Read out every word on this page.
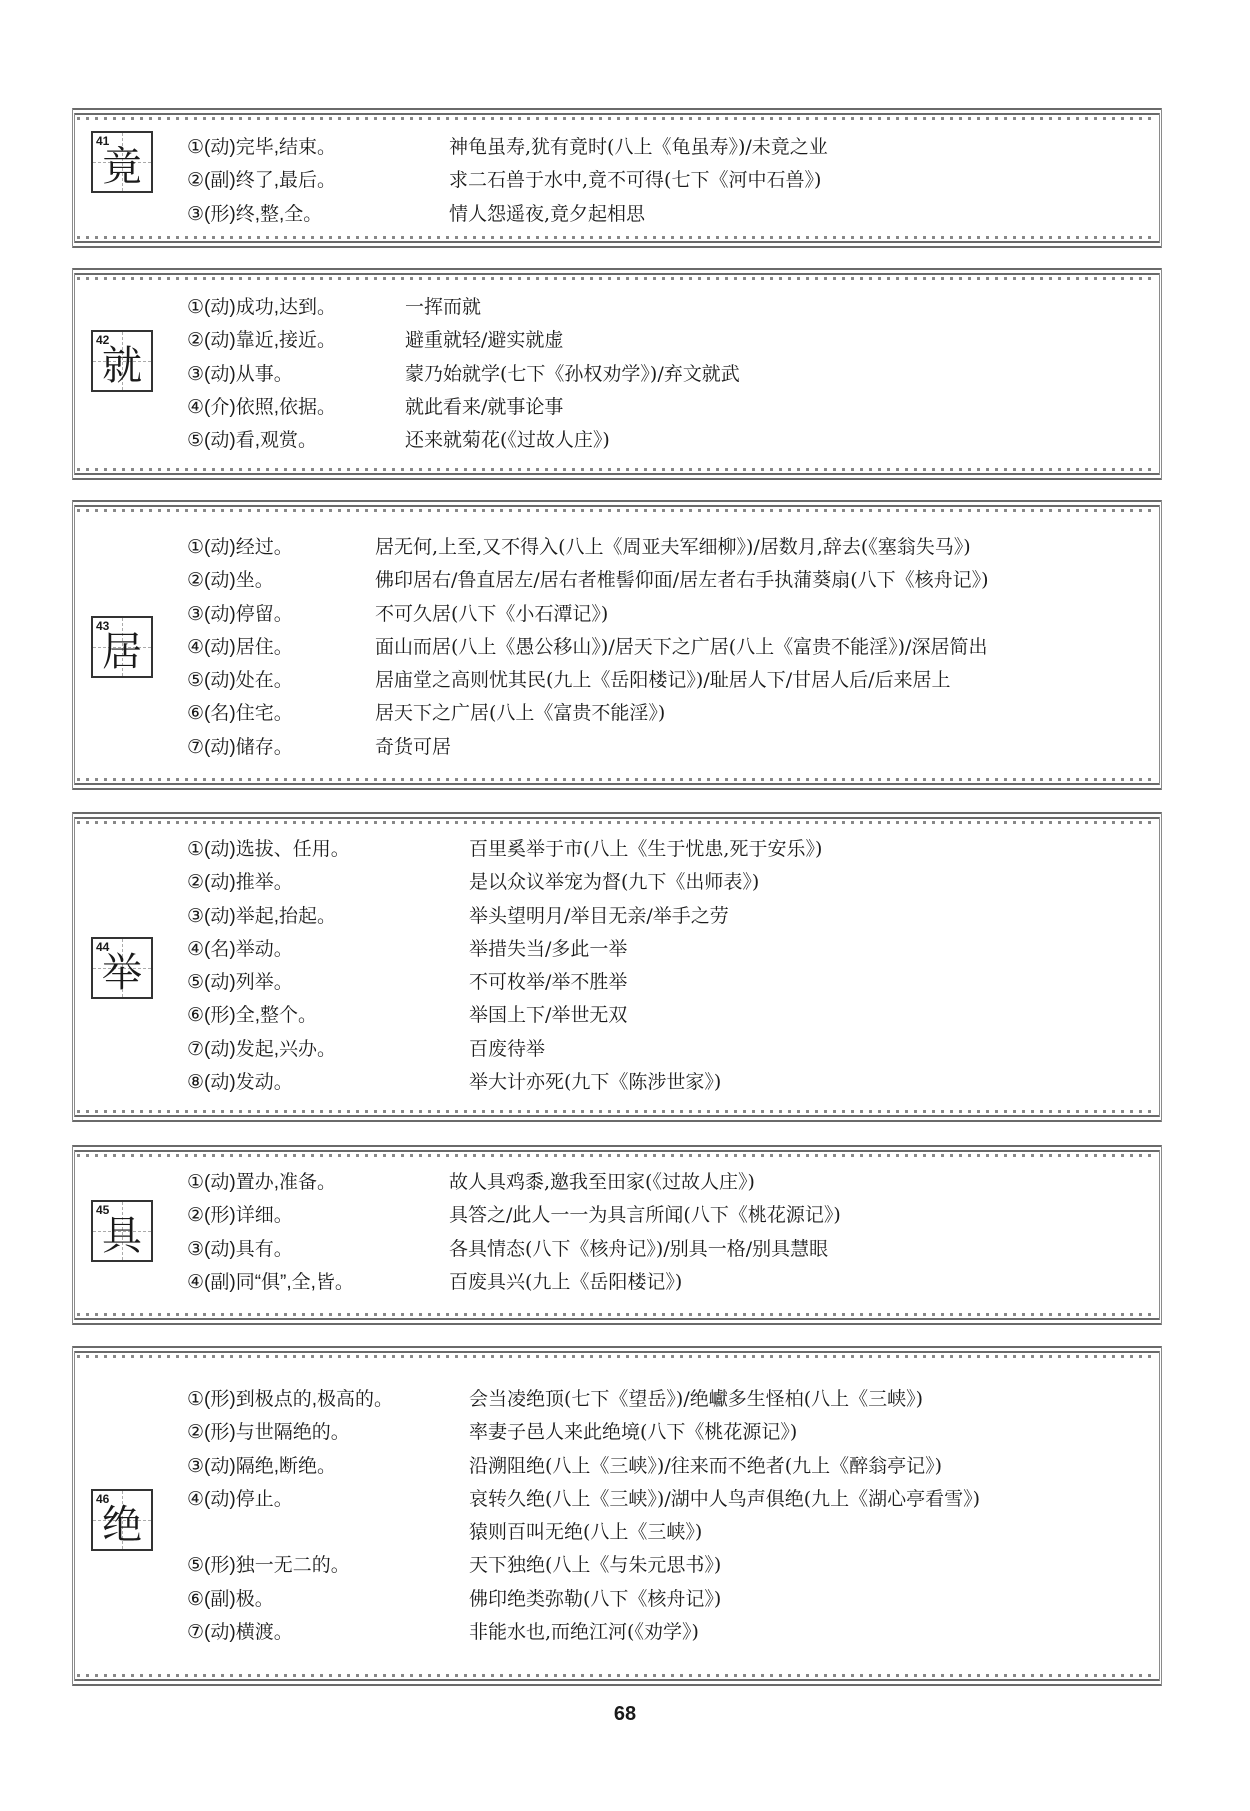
41
竟	①(动)完毕,结束。	神龟虽寿,犹有竟时(八上《龟虽寿》)/未竟之业
②(副)终了,最后。	求二石兽于水中,竟不可得(七下《河中石兽》)
③(形)终,整,全。	情人怨遥夜,竟夕起相思
42
就
①(动)成功,达到。	一挥而就
②(动)靠近,接近。	避重就轻/避实就虚
③(动)从事。	蒙乃始就学(七下《孙权劝学》)/弃文就武
④(介)依照,依据。	就此看来/就事论事
⑤(动)看,观赏。	还来就菊花(《过故人庄》)
43
居
①(动)经过。	居无何,上至,又不得入(八上《周亚夫军细柳》)/居数月,辞去(《塞翁失马》)
②(动)坐。	佛印居右/鲁直居左/居右者椎髻仰面/居左者右手执蒲葵扇(八下《核舟记》)
③(动)停留。	不可久居(八下《小石潭记》)
④(动)居住。	面山而居(八上《愚公移山》)/居天下之广居(八上《富贵不能淫》)/深居简出
⑤(动)处在。	居庙堂之高则忧其民(九上《岳阳楼记》)/耻居人下/甘居人后/后来居上
⑥(名)住宅。	居天下之广居(八上《富贵不能淫》)
⑦(动)储存。	奇货可居
44
举
①(动)选拔、任用。	百里奚举于市(八上《生于忧患,死于安乐》)
②(动)推举。	是以众议举宠为督(九下《出师表》)
③(动)举起,抬起。	举头望明月/举目无亲/举手之劳
④(名)举动。	举措失当/多此一举
⑤(动)列举。	不可枚举/举不胜举
⑥(形)全,整个。	举国上下/举世无双
⑦(动)发起,兴办。	百废待举
⑧(动)发动。	举大计亦死(九下《陈涉世家》)
45
具
①(动)置办,准备。	故人具鸡黍,邀我至田家(《过故人庄》)
②(形)详细。	具答之/此人一一为具言所闻(八下《桃花源记》)
③(动)具有。	各具情态(八下《核舟记》)/别具一格/别具慧眼
④(副)同“俱”,全,皆。	百废具兴(九上《岳阳楼记》)
46
绝
①(形)到极点的,极高的。	会当凌绝顶(七下《望岳》)/绝巘多生怪柏(八上《三峡》)
②(形)与世隔绝的。	率妻子邑人来此绝境(八下《桃花源记》)
③(动)隔绝,断绝。	沿溯阻绝(八上《三峡》)/往来而不绝者(九上《醉翁亭记》)
④(动)停止。	哀转久绝(八上《三峡》)/湖中人鸟声俱绝(九上《湖心亭看雪》)
猿则百叫无绝(八上《三峡》)
⑤(形)独一无二的。	天下独绝(八上《与朱元思书》)
⑥(副)极。	佛印绝类弥勒(八下《核舟记》)
⑦(动)横渡。	非能水也,而绝江河(《劝学》)
68
